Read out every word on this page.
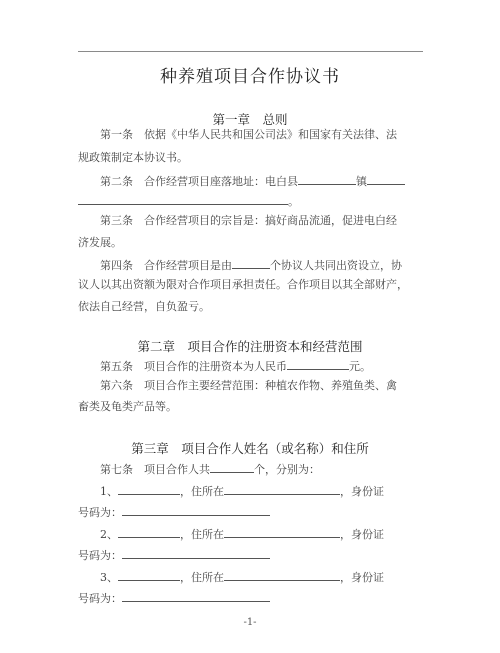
种养殖项目合作协议书
第一章　总则
第一条　依据《中华人民共和国公司法》和国家有关法律、法
规政策制定本协议书。
第二条　合作经营项目座落地址：电白县	镇
。
第三条　合作经营项目的宗旨是：搞好商品流通，促进电白经
济发展。
第四条　合作经营项目是由	个协议人共同出资设立，协
议人以其出资额为限对合作项目承担责任。合作项目以其全部财产，
依法自己经营，自负盈亏。
第二章　项目合作的注册资本和经营范围
第五条　项目合作的注册资本为人民币	元。
第六条　项目合作主要经营范围：种植农作物、养殖鱼类、禽
畜类及龟类产品等。
第三章　项目合作人姓名（或名称）和住所
第七条　项目合作人共	个，分别为：
1、	，住所在	，身份证
号码为：
2、	，住所在	，身份证
号码为：
3、	，住所在	，身份证
号码为：
-1-
